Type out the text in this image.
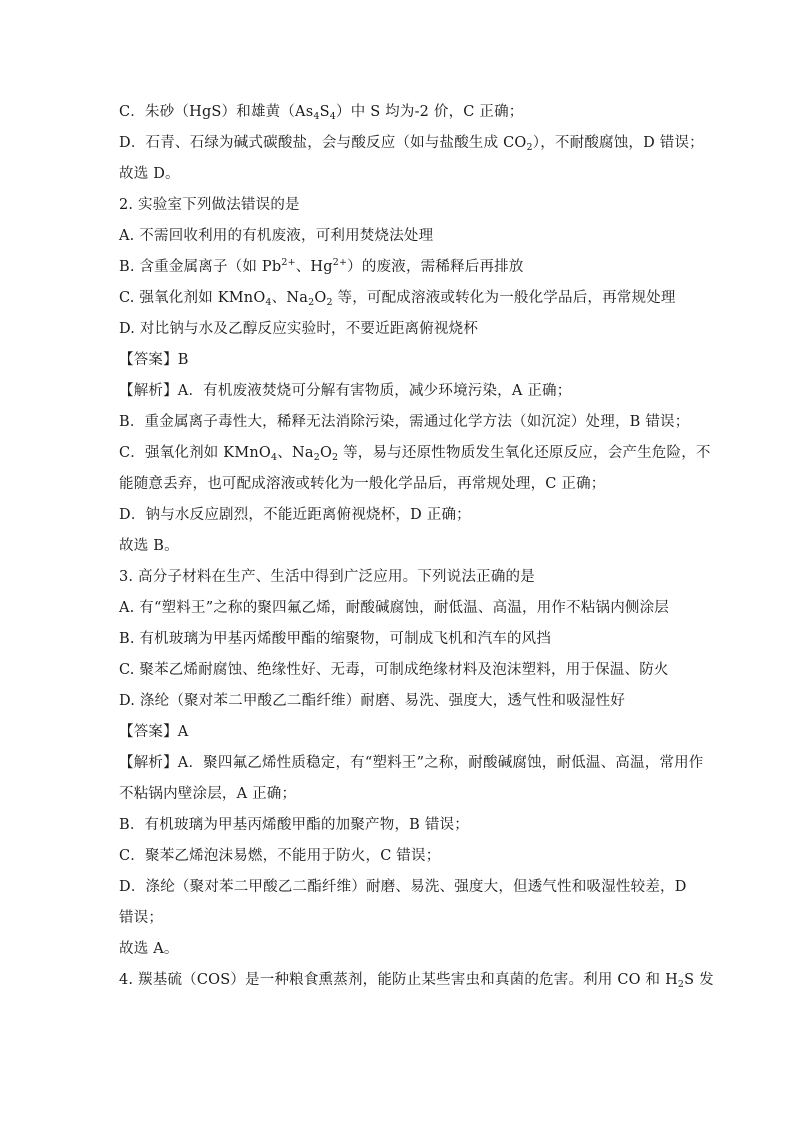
C．朱砂（HgS）和雄黄$(As_4S_4)$中 S 均为-2 价，C 正确；
D．石青、石绿为碱式碳酸盐，会与酸反应（如与盐酸生成 $CO_2$），不耐酸腐蚀，D 错误；
故选 D。
2. 实验室下列做法错误的是
A. 不需回收利用的有机废液，可利用焚烧法处理
B. 含重金属离子（如 $Pb^{2+}$、$Hg^{2+}$）的废液，需稀释后再排放
C. 强氧化剂如 KMnO$_4$、$Na_2O_2$ 等，可配成溶液或转化为一般化学品后，再常规处理
D. 对比钠与水及乙醇反应实验时，不要近距离俯视烧杯
【答案】B
【解析】A．有机废液焚烧可分解有害物质，减少环境污染，A 正确；
B．重金属离子毒性大，稀释无法消除污染，需通过化学方法（如沉淀）处理，B 错误；
C．强氧化剂如 KMnO$_4$、$Na_2O_2$ 等，易与还原性物质发生氧化还原反应，会产生危险，不
能随意丢弃，也可配成溶液或转化为一般化学品后，再常规处理，C 正确；
D．钠与水反应剧烈，不能近距离俯视烧杯，D 正确；
故选 B。
3. 高分子材料在生产、生活中得到广泛应用。下列说法正确的是
A. 有“塑料王”之称的聚四氟乙烯，耐酸碱腐蚀，耐低温、高温，用作不粘锅内侧涂层
B. 有机玻璃为甲基丙烯酸甲酯的缩聚物，可制成飞机和汽车的风挡
C. 聚苯乙烯耐腐蚀、绝缘性好、无毒，可制成绝缘材料及泡沫塑料，用于保温、防火
D. 涤纶（聚对苯二甲酸乙二酯纤维）耐磨、易洗、强度大，透气性和吸湿性好
【答案】A
【解析】A．聚四氟乙烯性质稳定，有“塑料王”之称，耐酸碱腐蚀，耐低温、高温，常用作
不粘锅内壁涂层，A 正确；
B．有机玻璃为甲基丙烯酸甲酯的加聚产物，B 错误；
C．聚苯乙烯泡沫易燃，不能用于防火，C 错误；
D．涤纶（聚对苯二甲酸乙二酯纤维）耐磨、易洗、强度大，但透气性和吸湿性较差，D
错误；
故选 A。
4. 羰基硫（COS）是一种粮食熏蒸剂，能防止某些害虫和真菌的危害。利用 CO 和 $H_2S$ 发
